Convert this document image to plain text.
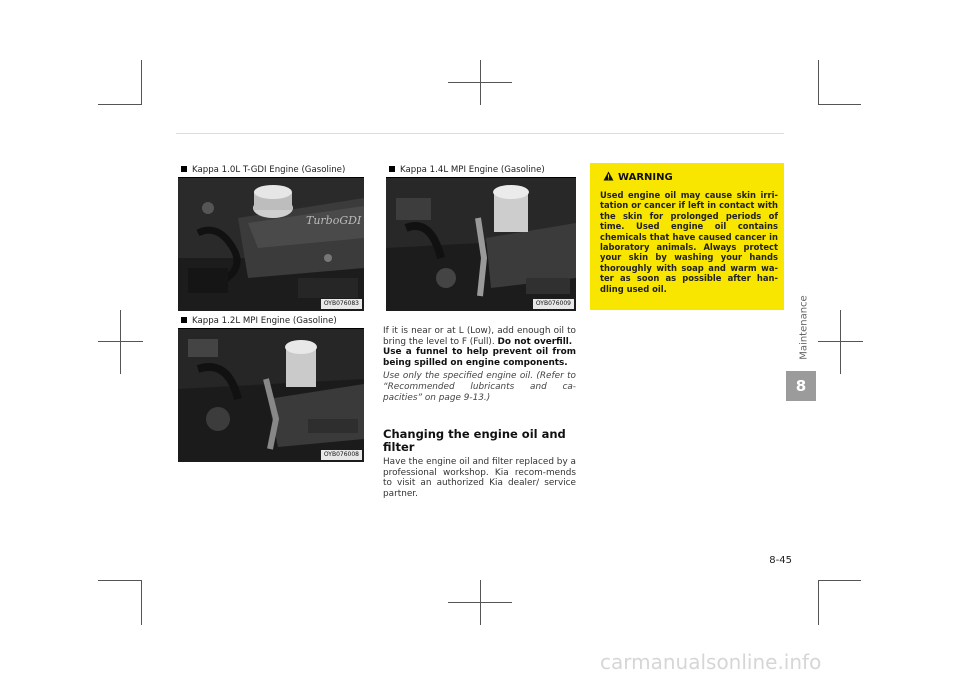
Kappa 1.0L T-GDI Engine (Gasoline)
TurboGDI
OYB076083
Kappa 1.2L MPI Engine (Gasoline)
OYB076008
Kappa 1.4L MPI Engine (Gasoline)
OYB076009

If it is near or at L (Low), add enough oil to bring the level to F (Full). Do not overfill.

Use a funnel to help prevent oil from being spilled on engine components.

Use only the specified engine oil. (Refer to “Recommended lubricants and ca-pacities” on page 9-13.)

Changing the engine oil and filter

Have the engine oil and filter replaced by a professional workshop. Kia recom-mends to visit an authorized Kia dealer/ service partner.

WARNING
Used engine oil may cause skin irri-tation or cancer if left in contact with the skin for prolonged periods of time. Used engine oil contains chemicals that have caused cancer in laboratory animals. Always protect your skin by washing your hands thoroughly with soap and warm wa-ter as soon as possible after han-dling used oil.
Maintenance
8
8-45
carmanualsonline.info
